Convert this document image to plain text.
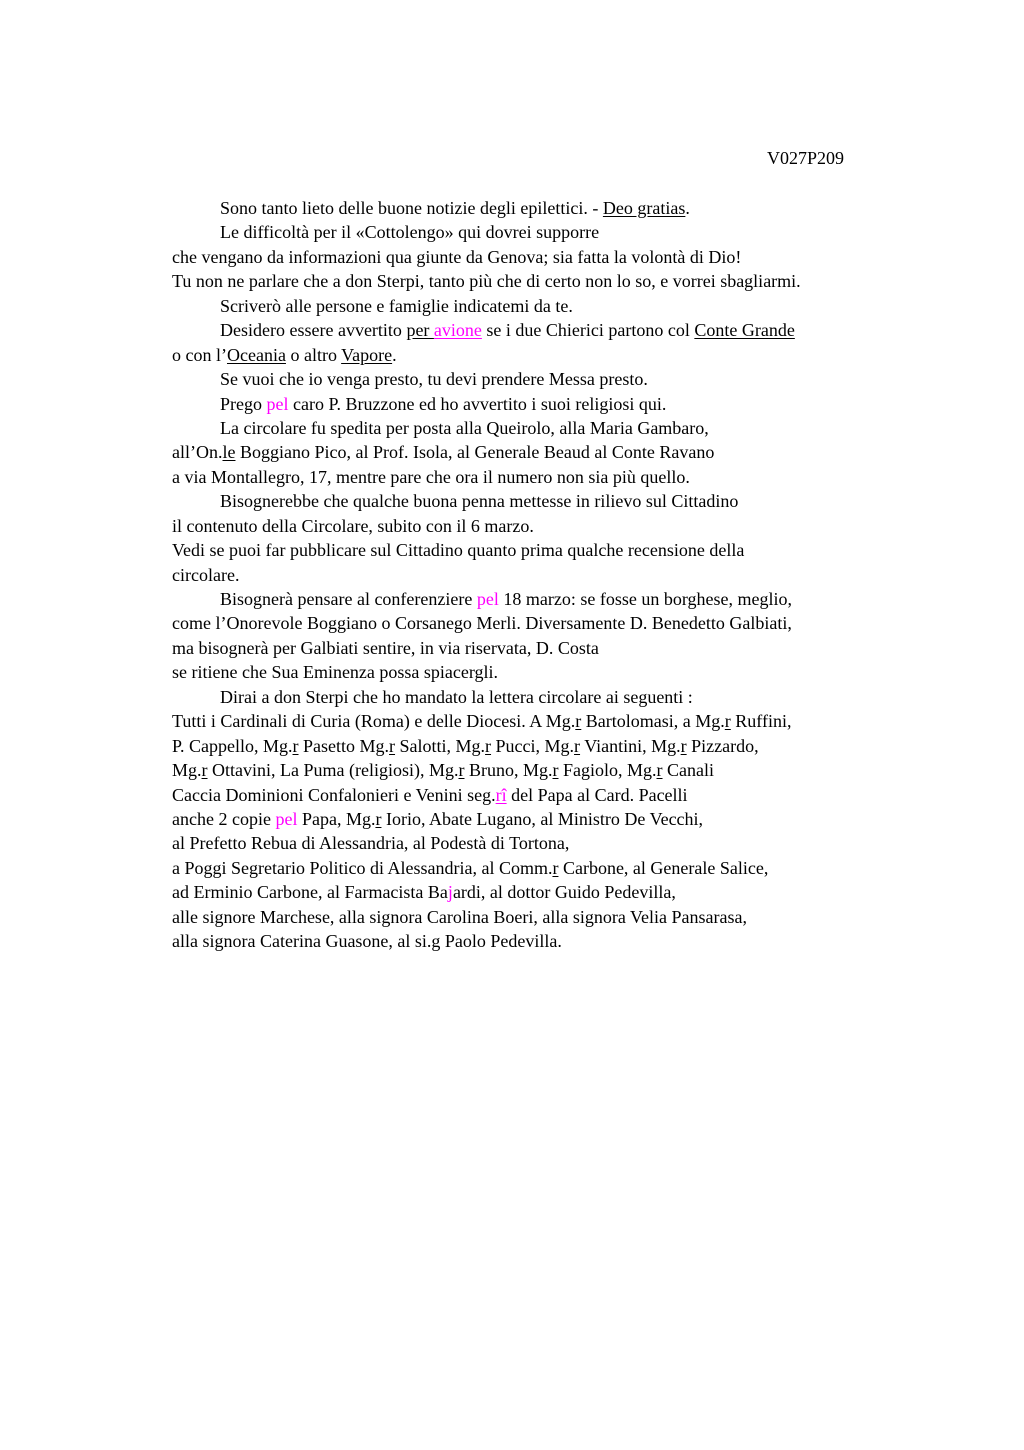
V027P209
Sono tanto lieto delle buone notizie degli epilettici. - Deo gratias.
Le difficoltà per il «Cottolengo» qui dovrei supporre
che vengano da informazioni qua giunte da Genova; sia fatta la volontà di Dio!
Tu non ne parlare che a don Sterpi, tanto più che di certo non lo so, e vorrei sbagliarmi.
Scriverò alle persone e famiglie indicatemi da te.
Desidero essere avvertito per avione se i due Chierici partono col Conte Grande
o con l’Oceania o altro Vapore.
Se vuoi che io venga presto, tu devi prendere Messa presto.
Prego pel caro P. Bruzzone ed ho avvertito i suoi religiosi qui.
La circolare fu spedita per posta alla Queirolo, alla Maria Gambaro,
all’On.le Boggiano Pico, al Prof. Isola, al Generale Beaud al Conte Ravano
a via Montallegro, 17, mentre pare che ora il numero non sia più quello.
Bisognerebbe che qualche buona penna mettesse in rilievo sul Cittadino
il contenuto della Circolare, subito con il 6 marzo.
Vedi se puoi far pubblicare sul Cittadino quanto prima qualche recensione della
circolare.
Bisognerà pensare al conferenziere pel 18 marzo: se fosse un borghese, meglio,
come l’Onorevole Boggiano o Corsanego Merli. Diversamente D. Benedetto Galbiati,
ma bisognerà per Galbiati sentire, in via riservata, D. Costa
se ritiene che Sua Eminenza possa spiacergli.
Dirai a don Sterpi che ho mandato la lettera circolare ai seguenti :
Tutti i Cardinali di Curia (Roma) e delle Diocesi. A Mg.r Bartolomasi, a Mg.r Ruffini,
P. Cappello, Mg.r Pasetto Mg.r Salotti, Mg.r Pucci, Mg.r Viantini, Mg.r Pizzardo,
Mg.r Ottavini, La Puma (religiosi), Mg.r Bruno, Mg.r Fagiolo, Mg.r Canali
Caccia Dominioni Confalonieri e Venini seg.rî del Papa al Card. Pacelli
anche 2 copie pel Papa, Mg.r Iorio, Abate Lugano, al Ministro De Vecchi,
al Prefetto Rebua di Alessandria, al Podestà di Tortona,
a Poggi Segretario Politico di Alessandria, al Comm.r Carbone, al Generale Salice,
ad Erminio Carbone, al Farmacista Bajardi, al dottor Guido Pedevilla,
alle signore Marchese, alla signora Carolina Boeri, alla signora Velia Pansarasa,
alla signora Caterina Guasone, al si.g Paolo Pedevilla.
